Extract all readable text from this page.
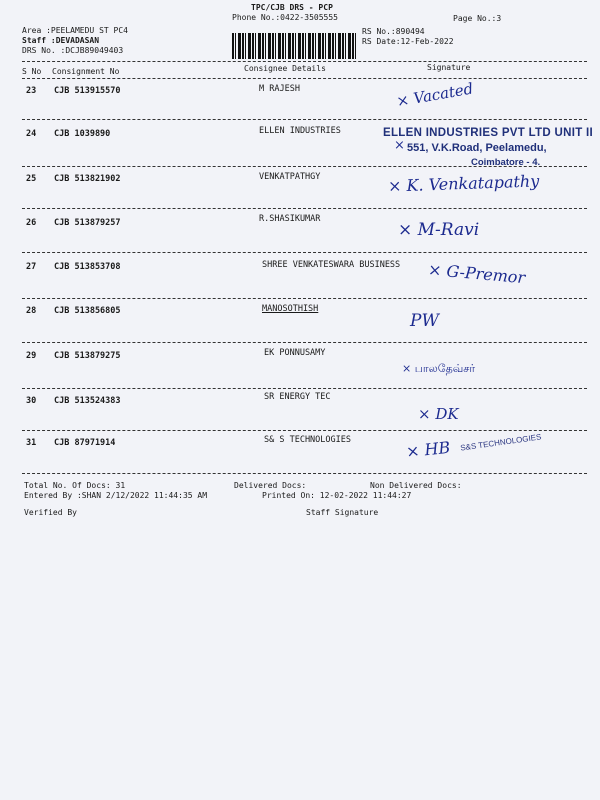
TPC/CJB DRS - PCP
Phone No.:0422-3505555	Page No.:3
Area :PEELAMEDU ST PC4
Staff :DEVADASAN
DRS No. :DCJB89049403
RS No.:890494
RS Date:12-Feb-2022
S No Consignment No	Consignee Details	Signature
23 CJB 513915570	M RAJESH	× Vacated
24 CJB 1039890	ELLEN INDUSTRIES
×
ELLEN INDUSTRIES PVT LTD UNIT II
551, V.K.Road, Peelamedu,
Coimbatore - 4.
25 CJB 513821902	VENKATPATHGY	× K. Venkatapathy
26 CJB 513879257	R.SHASIKUMAR
× M-Ravi
27 CJB 513853708	SHREE VENKATESWARA BUSINESS × G-Premor
28 CJB 513856805	MANOSOTHISH
PW
29 CJB 513879275	EK PONNUSAMY
× பாலதேவ்சர்
30 CJB 513524383	SR ENERGY TEC
× DK
31 CJB 87971914	S& S TECHNOLOGIES	× HB S&S TECHNOLOGIES
Total No. Of Docs: 31	Delivered Docs:	Non Delivered Docs:
Entered By :SHAN 2/12/2022 11:44:35 AM	Printed On: 12-02-2022 11:44:27
Verified By	Staff Signature
